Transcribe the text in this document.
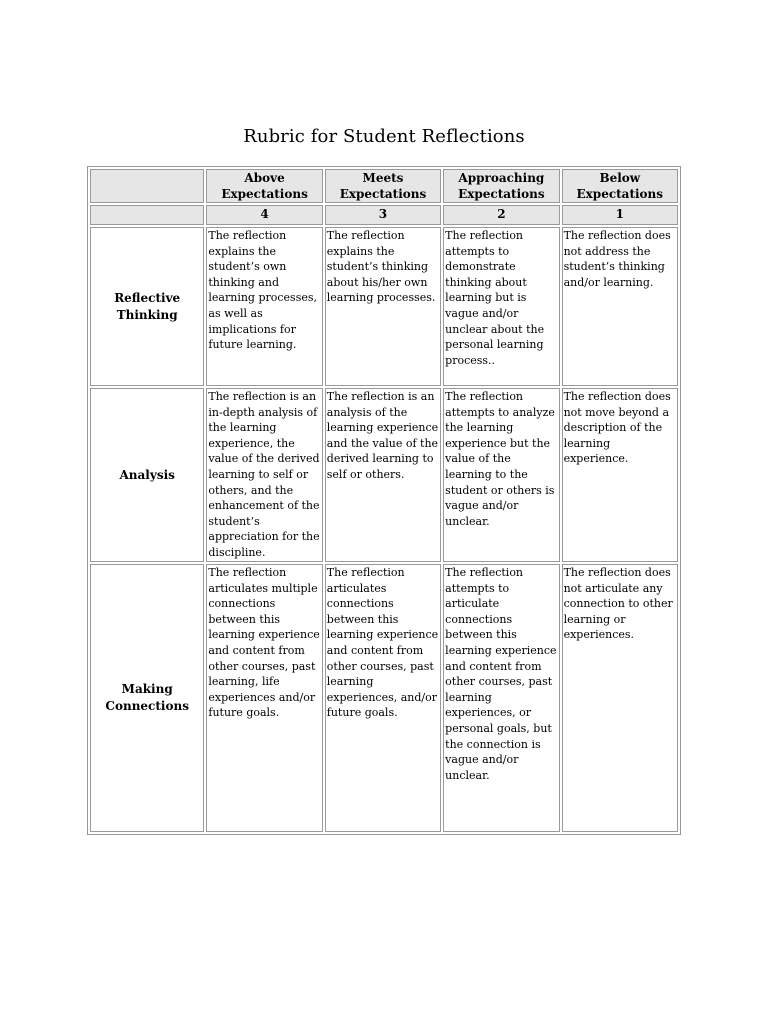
Rubric for Student Reflections
	Above Expectations	Meets Expectations	Approaching Expectations	Below Expectations
	4	3	2	1
Reflective Thinking	The reflection explains the student’s own thinking and learning processes, as well as implications for future learning.	The reflection explains the student’s thinking about his/her own learning processes.	The reflection attempts to demonstrate thinking about learning but is vague and/or unclear about the personal learning process..	The reflection does not address the student’s thinking and/or learning.
Analysis	The reflection is an in-depth analysis of the learning experience, the value of the derived learning to self or others, and the enhancement of the student’s appreciation for the discipline.	The reflection is an analysis of the learning experience and the value of the derived learning to self or others.	The reflection attempts to analyze the learning experience but the value of the learning to the student or others is vague and/or unclear.	The reflection does not move beyond a description of the learning experience.
Making Connections	The reflection articulates multiple connections between this learning experience and content from other courses, past learning, life experiences and/or future goals.	The reflection articulates connections between this learning experience and content from other courses, past learning experiences, and/or future goals.	The reflection attempts to articulate connections between this learning experience and content from other courses, past learning experiences, or personal goals, but the connection is vague and/or unclear.	The reflection does not articulate any connection to other learning or experiences.
